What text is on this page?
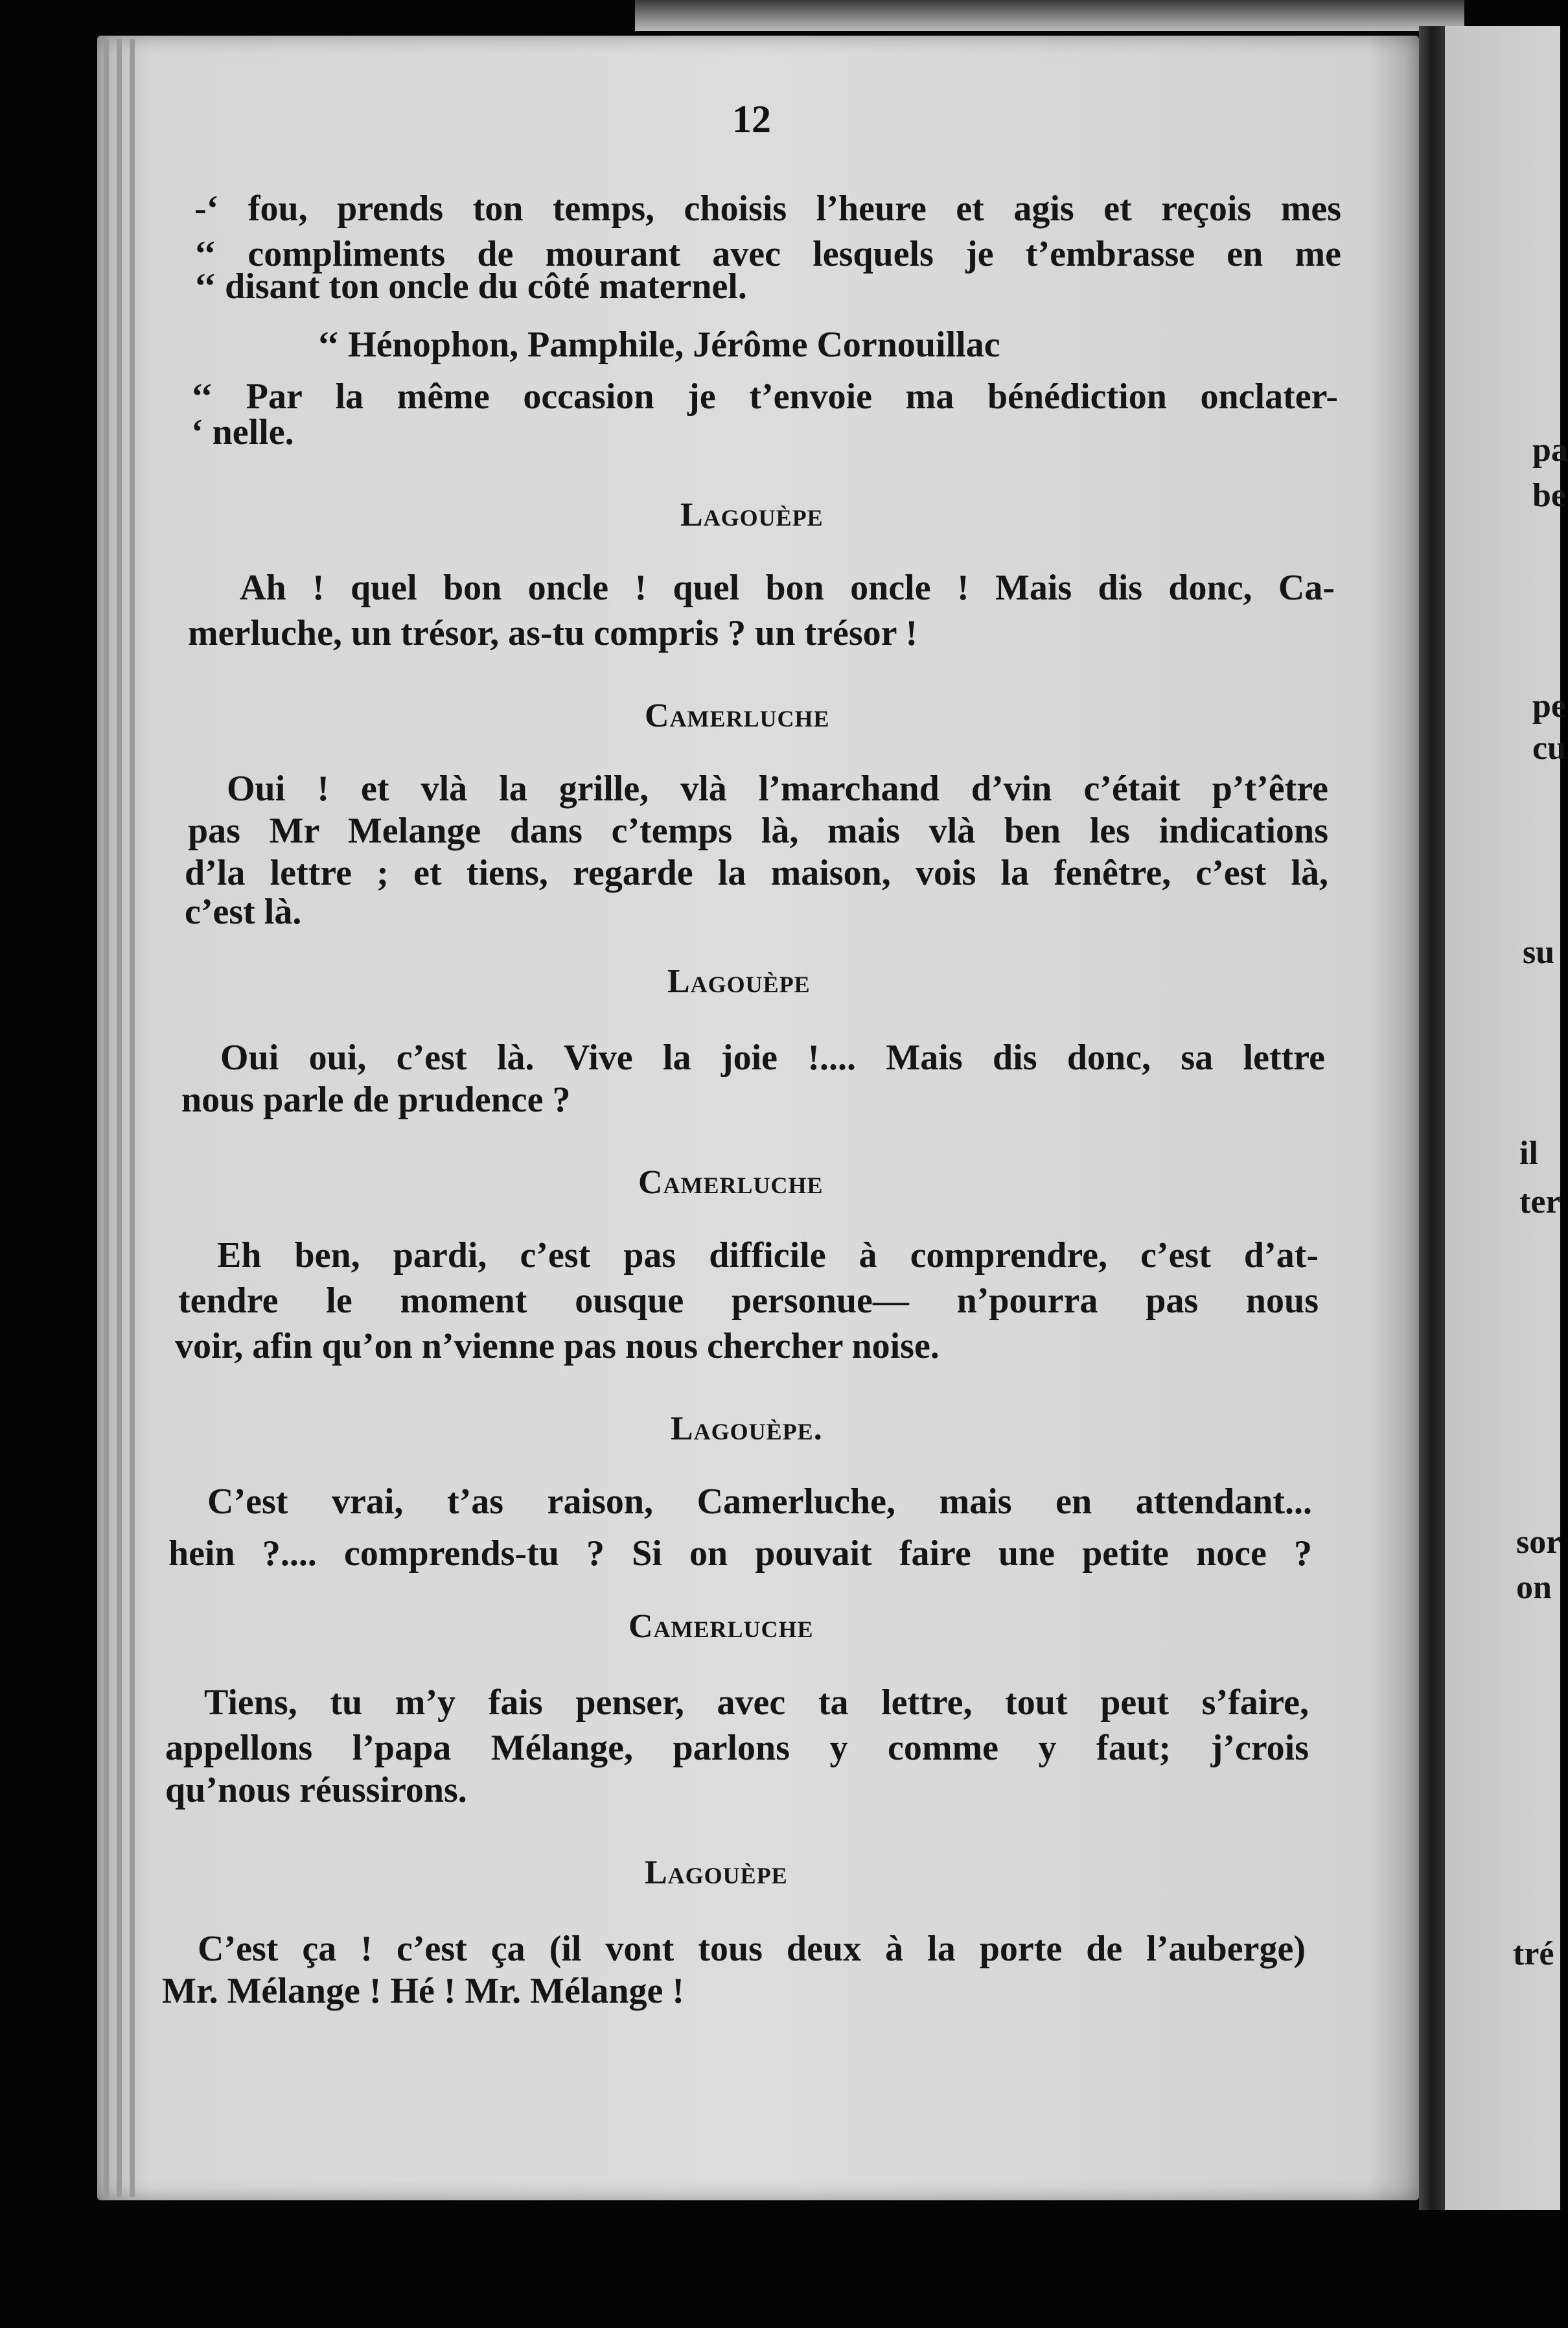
12
-‘ fou, prends ton temps, choisis l’heure et agis et reçois mes
‘‘ compliments de mourant avec lesquels je t’embrasse en me
‘‘ disant ton oncle du côté maternel.
‘‘ Hénophon, Pamphile, Jérôme Cornouillac
‘‘ Par la même occasion je t’envoie ma bénédiction onclater-
‘ nelle.
Lagouèpe
Ah ! quel bon oncle ! quel bon oncle ! Mais dis donc, Ca-
merluche, un trésor, as-tu compris ? un trésor !
Camerluche
Oui ! et vlà la grille, vlà l’marchand d’vin c’était p’t’être
pas Mr Melange dans c’temps là, mais vlà ben les indications
d’la lettre ; et tiens, regarde la maison, vois la fenêtre, c’est là,
c’est là.
Lagouèpe
Oui oui, c’est là. Vive la joie !.... Mais dis donc, sa lettre
nous parle de prudence ?
Camerluche
Eh ben, pardi, c’est pas difficile à comprendre, c’est d’at-
tendre le moment ousque personue— n’pourra pas nous
voir, afin qu’on n’vienne pas nous chercher noise.
Lagouèpe.
C’est vrai, t’as raison, Camerluche, mais en attendant...
hein ?.... comprends-tu ? Si on pouvait faire une petite noce ?
Camerluche
Tiens, tu m’y fais penser, avec ta lettre, tout peut s’faire,
appellons l’papa Mélange, parlons y comme y faut; j’crois
qu’nous réussirons.
Lagouèpe
C’est ça ! c’est ça (il vont tous deux à la porte de l’auberge)
Mr. Mélange ! Hé ! Mr. Mélange !
pa
be
pe
cu
su
il
ter
sor
on
tré
